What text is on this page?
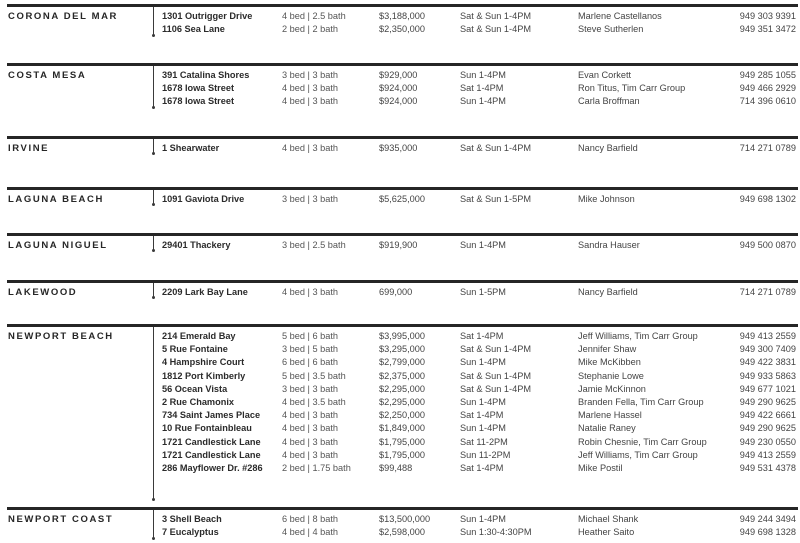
CORONA DEL MAR	1301 Outrigger Drive	4 bed | 2.5 bath	$3,188,000	Sat & Sun 1-4PM	Marlene Castellanos	949 303 9391
1106 Sea Lane	2 bed | 2 bath	$2,350,000	Sat & Sun 1-4PM	Steve Sutherlen	949 351 3472
COSTA MESA	391 Catalina Shores	3 bed | 3 bath	$929,000	Sun 1-4PM	Evan Corkett	949 285 1055
1678 Iowa Street	4 bed | 3 bath	$924,000	Sat 1-4PM	Ron Titus, Tim Carr Group	949 466 2929
1678 Iowa Street	4 bed | 3 bath	$924,000	Sun 1-4PM	Carla Broffman	714 396 0610
IRVINE	1 Shearwater	4 bed | 3 bath	$935,000	Sat & Sun 1-4PM	Nancy Barfield	714 271 0789
LAGUNA BEACH	1091 Gaviota Drive	3 bed | 3 bath	$5,625,000	Sat & Sun 1-5PM	Mike Johnson	949 698 1302
LAGUNA NIGUEL	29401 Thackery	3 bed | 2.5 bath	$919,900	Sun 1-4PM	Sandra Hauser	949 500 0870
LAKEWOOD	2209 Lark Bay Lane	4 bed | 3 bath	699,000	Sun 1-5PM	Nancy Barfield	714 271 0789
NEWPORT BEACH	214 Emerald Bay	5 bed | 6 bath	$3,995,000	Sat 1-4PM	Jeff Williams, Tim Carr Group	949 413 2559
5 Rue Fontaine	3 bed | 5 bath	$3,295,000	Sat & Sun 1-4PM	Jennifer Shaw	949 300 7409
4 Hampshire Court	6 bed | 6 bath	$2,799,000	Sun 1-4PM	Mike McKibben	949 422 3831
1812 Port Kimberly	5 bed | 3.5 bath	$2,375,000	Sat & Sun 1-4PM	Stephanie Lowe	949 933 5863
56 Ocean Vista	3 bed | 3 bath	$2,295,000	Sat & Sun 1-4PM	Jamie McKinnon	949 677 1021
2 Rue Chamonix	4 bed | 3.5 bath	$2,295,000	Sun 1-4PM	Branden Fella, Tim Carr Group	949 290 9625
734 Saint James Place 4 bed | 3 bath	$2,250,000	Sat 1-4PM	Marlene Hassel	949 422 6661
10 Rue Fontainbleau	4 bed | 3 bath	$1,849,000	Sun 1-4PM	Natalie Raney	949 290 9625
1721 Candlestick Lane 4 bed | 3 bath	$1,795,000	Sat 11-2PM	Robin Chesnie, Tim Carr Group	949 230 0550
1721 Candlestick Lane 4 bed | 3 bath	$1,795,000	Sun 11-2PM	Jeff Williams, Tim Carr Group	949 413 2559
286 Mayflower Dr. #286 2 bed | 1.75 bath	$99,488	Sat 1-4PM	Mike Postil	949 531 4378
NEWPORT COAST	3 Shell Beach	6 bed | 8 bath	$13,500,000	Sun 1-4PM	Michael Shank	949 244 3494
7 Eucalyptus	4 bed | 4 bath	$2,598,000	Sun 1:30-4:30PM	Heather Saito	949 698 1328
